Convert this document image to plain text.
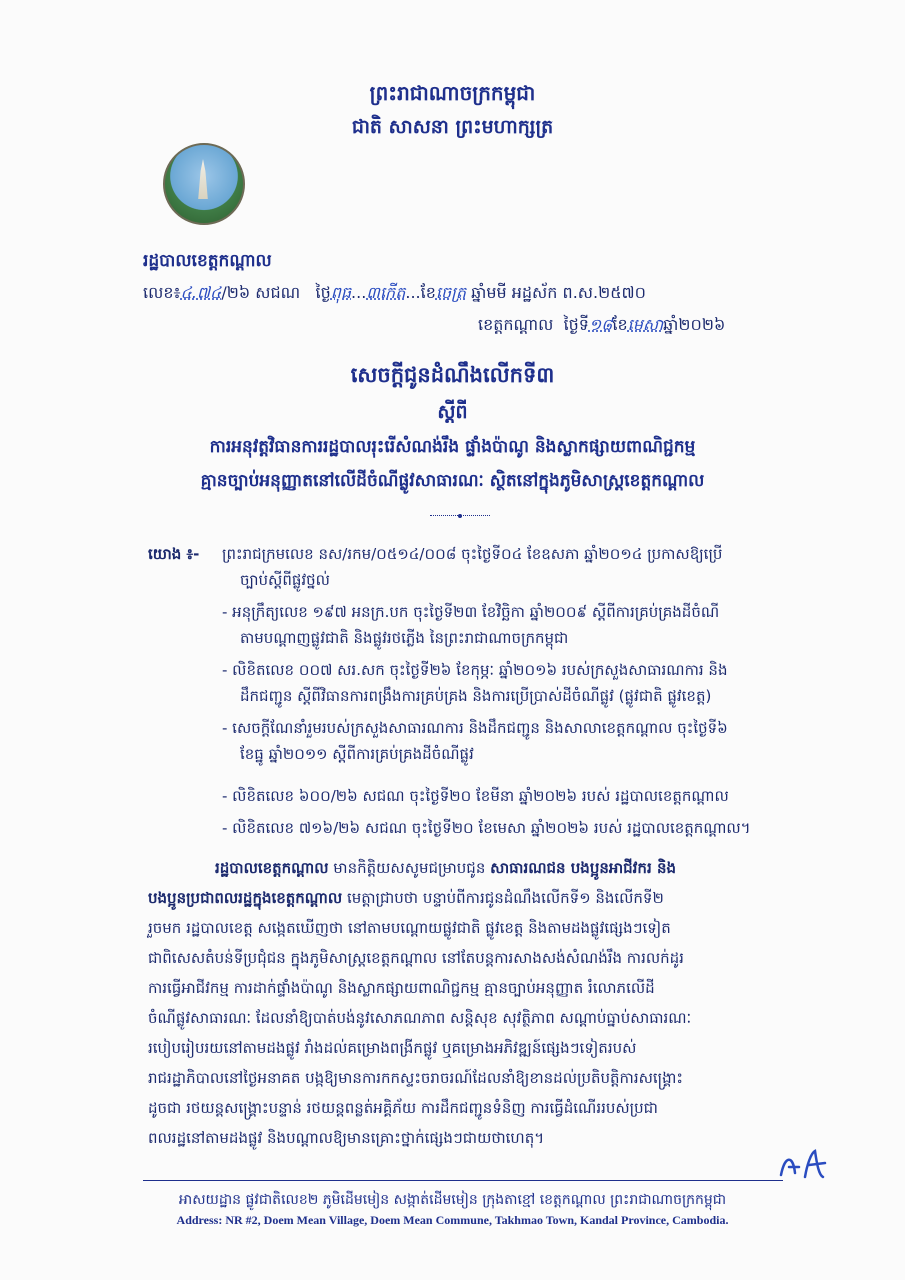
ព្រះរាជាណាចក្រកម្ពុជា
ជាតិ សាសនា ព្រះមហាក្សត្រ
រដ្ឋបាលខេត្តកណ្ដាល
លេខ៖៤.៧៤/២៦ សជណ ថ្ងៃពុធ...៣កើត...ខែចេត្រ ឆ្នាំមមី អដ្ឋស័ក ព.ស.២៥៧០
ខេត្តកណ្ដាល ថ្ងៃទី១៨ខែមេសាឆ្នាំ២០២៦
សេចក្ដីជូនដំណឹងលើកទី៣
ស្ដីពី
ការអនុវត្តវិធានការរដ្ឋបាលរុះរើសំណង់រឹង ផ្ទាំងប៉ាណូ និងស្លាកផ្សាយពាណិជ្ជកម្ម
គ្មានច្បាប់អនុញ្ញាតនៅលើដីចំណីផ្លូវសាធារណៈ ស្ថិតនៅក្នុងភូមិសាស្ត្រខេត្តកណ្ដាល
យោង ៖- ព្រះរាជក្រមលេខ នស/រកម/០៥១៤/០០៨ ចុះថ្ងៃទី០៤ ខែឧសភា ឆ្នាំ២០១៤ ប្រកាសឱ្យប្រើ
ច្បាប់ស្ដីពីផ្លូវថ្នល់
- អនុក្រឹត្យលេខ ១៩៧ អនក្រ.បក ចុះថ្ងៃទី២៣ ខែវិច្ឆិកា ឆ្នាំ២០០៩ ស្ដីពីការគ្រប់គ្រងដីចំណី
តាមបណ្ដាញផ្លូវជាតិ និងផ្លូវរថភ្លើង នៃព្រះរាជាណាចក្រកម្ពុជា
- លិខិតលេខ ០០៧ សរ.សក ចុះថ្ងៃទី២៦ ខែកុម្ភៈ ឆ្នាំ២០១៦ របស់ក្រសួងសាធារណការ និង
ដឹកជញ្ជូន ស្ដីពីវិធានការពង្រឹងការគ្រប់គ្រង និងការប្រើប្រាស់ដីចំណីផ្លូវ (ផ្លូវជាតិ ផ្លូវខេត្ត)
- សេចក្ដីណែនាំរួមរបស់ក្រសួងសាធារណការ និងដឹកជញ្ជូន និងសាលាខេត្តកណ្ដាល ចុះថ្ងៃទី៦
ខែធ្នូ ឆ្នាំ២០១១ ស្ដីពីការគ្រប់គ្រងដីចំណីផ្លូវ
- លិខិតលេខ ៦០០/២៦ សជណ ចុះថ្ងៃទី២០ ខែមីនា ឆ្នាំ២០២៦ របស់ រដ្ឋបាលខេត្តកណ្ដាល
- លិខិតលេខ ៧១៦/២៦ សជណ ចុះថ្ងៃទី២០ ខែមេសា ឆ្នាំ២០២៦ របស់ រដ្ឋបាលខេត្តកណ្ដាល។
រដ្ឋបាលខេត្តកណ្ដាល មានកិត្តិយសសូមជម្រាបជូន សាធារណជន បងប្អូនអាជីវករ និង
បងប្អូនប្រជាពលរដ្ឋក្នុងខេត្តកណ្ដាល មេត្តាជ្រាបថា បន្ទាប់ពីការជូនដំណឹងលើកទី១ និងលើកទី២
រួចមក រដ្ឋបាលខេត្ត សង្កេតឃើញថា នៅតាមបណ្ដោយផ្លូវជាតិ ផ្លូវខេត្ត និងតាមដងផ្លូវផ្សេងៗទៀត
ជាពិសេសតំបន់ទីប្រជុំជន ក្នុងភូមិសាស្ត្រខេត្តកណ្ដាល នៅតែបន្តការសាងសង់សំណង់រឹង ការលក់ដូរ
ការធ្វើអាជីវកម្ម ការដាក់ផ្ទាំងប៉ាណូ និងស្លាកផ្សាយពាណិជ្ជកម្ម គ្មានច្បាប់អនុញ្ញាត រំលោភលើដី
ចំណីផ្លូវសាធារណៈ ដែលនាំឱ្យបាត់បង់នូវសោភណភាព សន្តិសុខ សុវត្ថិភាព សណ្ដាប់ធ្នាប់សាធារណៈ
របៀបរៀបរយនៅតាមដងផ្លូវ រាំងដល់គម្រោងពង្រីកផ្លូវ ឬគម្រោងអភិវឌ្ឍន៍ផ្សេងៗទៀតរបស់
រាជរដ្ឋាភិបាលនៅថ្ងៃអនាគត បង្កឱ្យមានការកកស្ទះចរាចរណ៍ដែលនាំឱ្យខានដល់ប្រតិបត្តិការសង្គ្រោះ
ដូចជា រថយន្តសង្គ្រោះបន្ទាន់ រថយន្តពន្លត់អគ្គិភ័យ ការដឹកជញ្ជូនទំនិញ ការធ្វើដំណើររបស់ប្រជា
ពលរដ្ឋនៅតាមដងផ្លូវ និងបណ្ដាលឱ្យមានគ្រោះថ្នាក់ផ្សេងៗជាយថាហេតុ។
អាសយដ្ឋាន ផ្លូវជាតិលេខ២ ភូមិដើមមៀន សង្កាត់ដើមមៀន ក្រុងតាខ្មៅ ខេត្តកណ្ដាល ព្រះរាជាណាចក្រកម្ពុជា
Address: NR #2, Doem Mean Village, Doem Mean Commune, Takhmao Town, Kandal Province, Cambodia.
